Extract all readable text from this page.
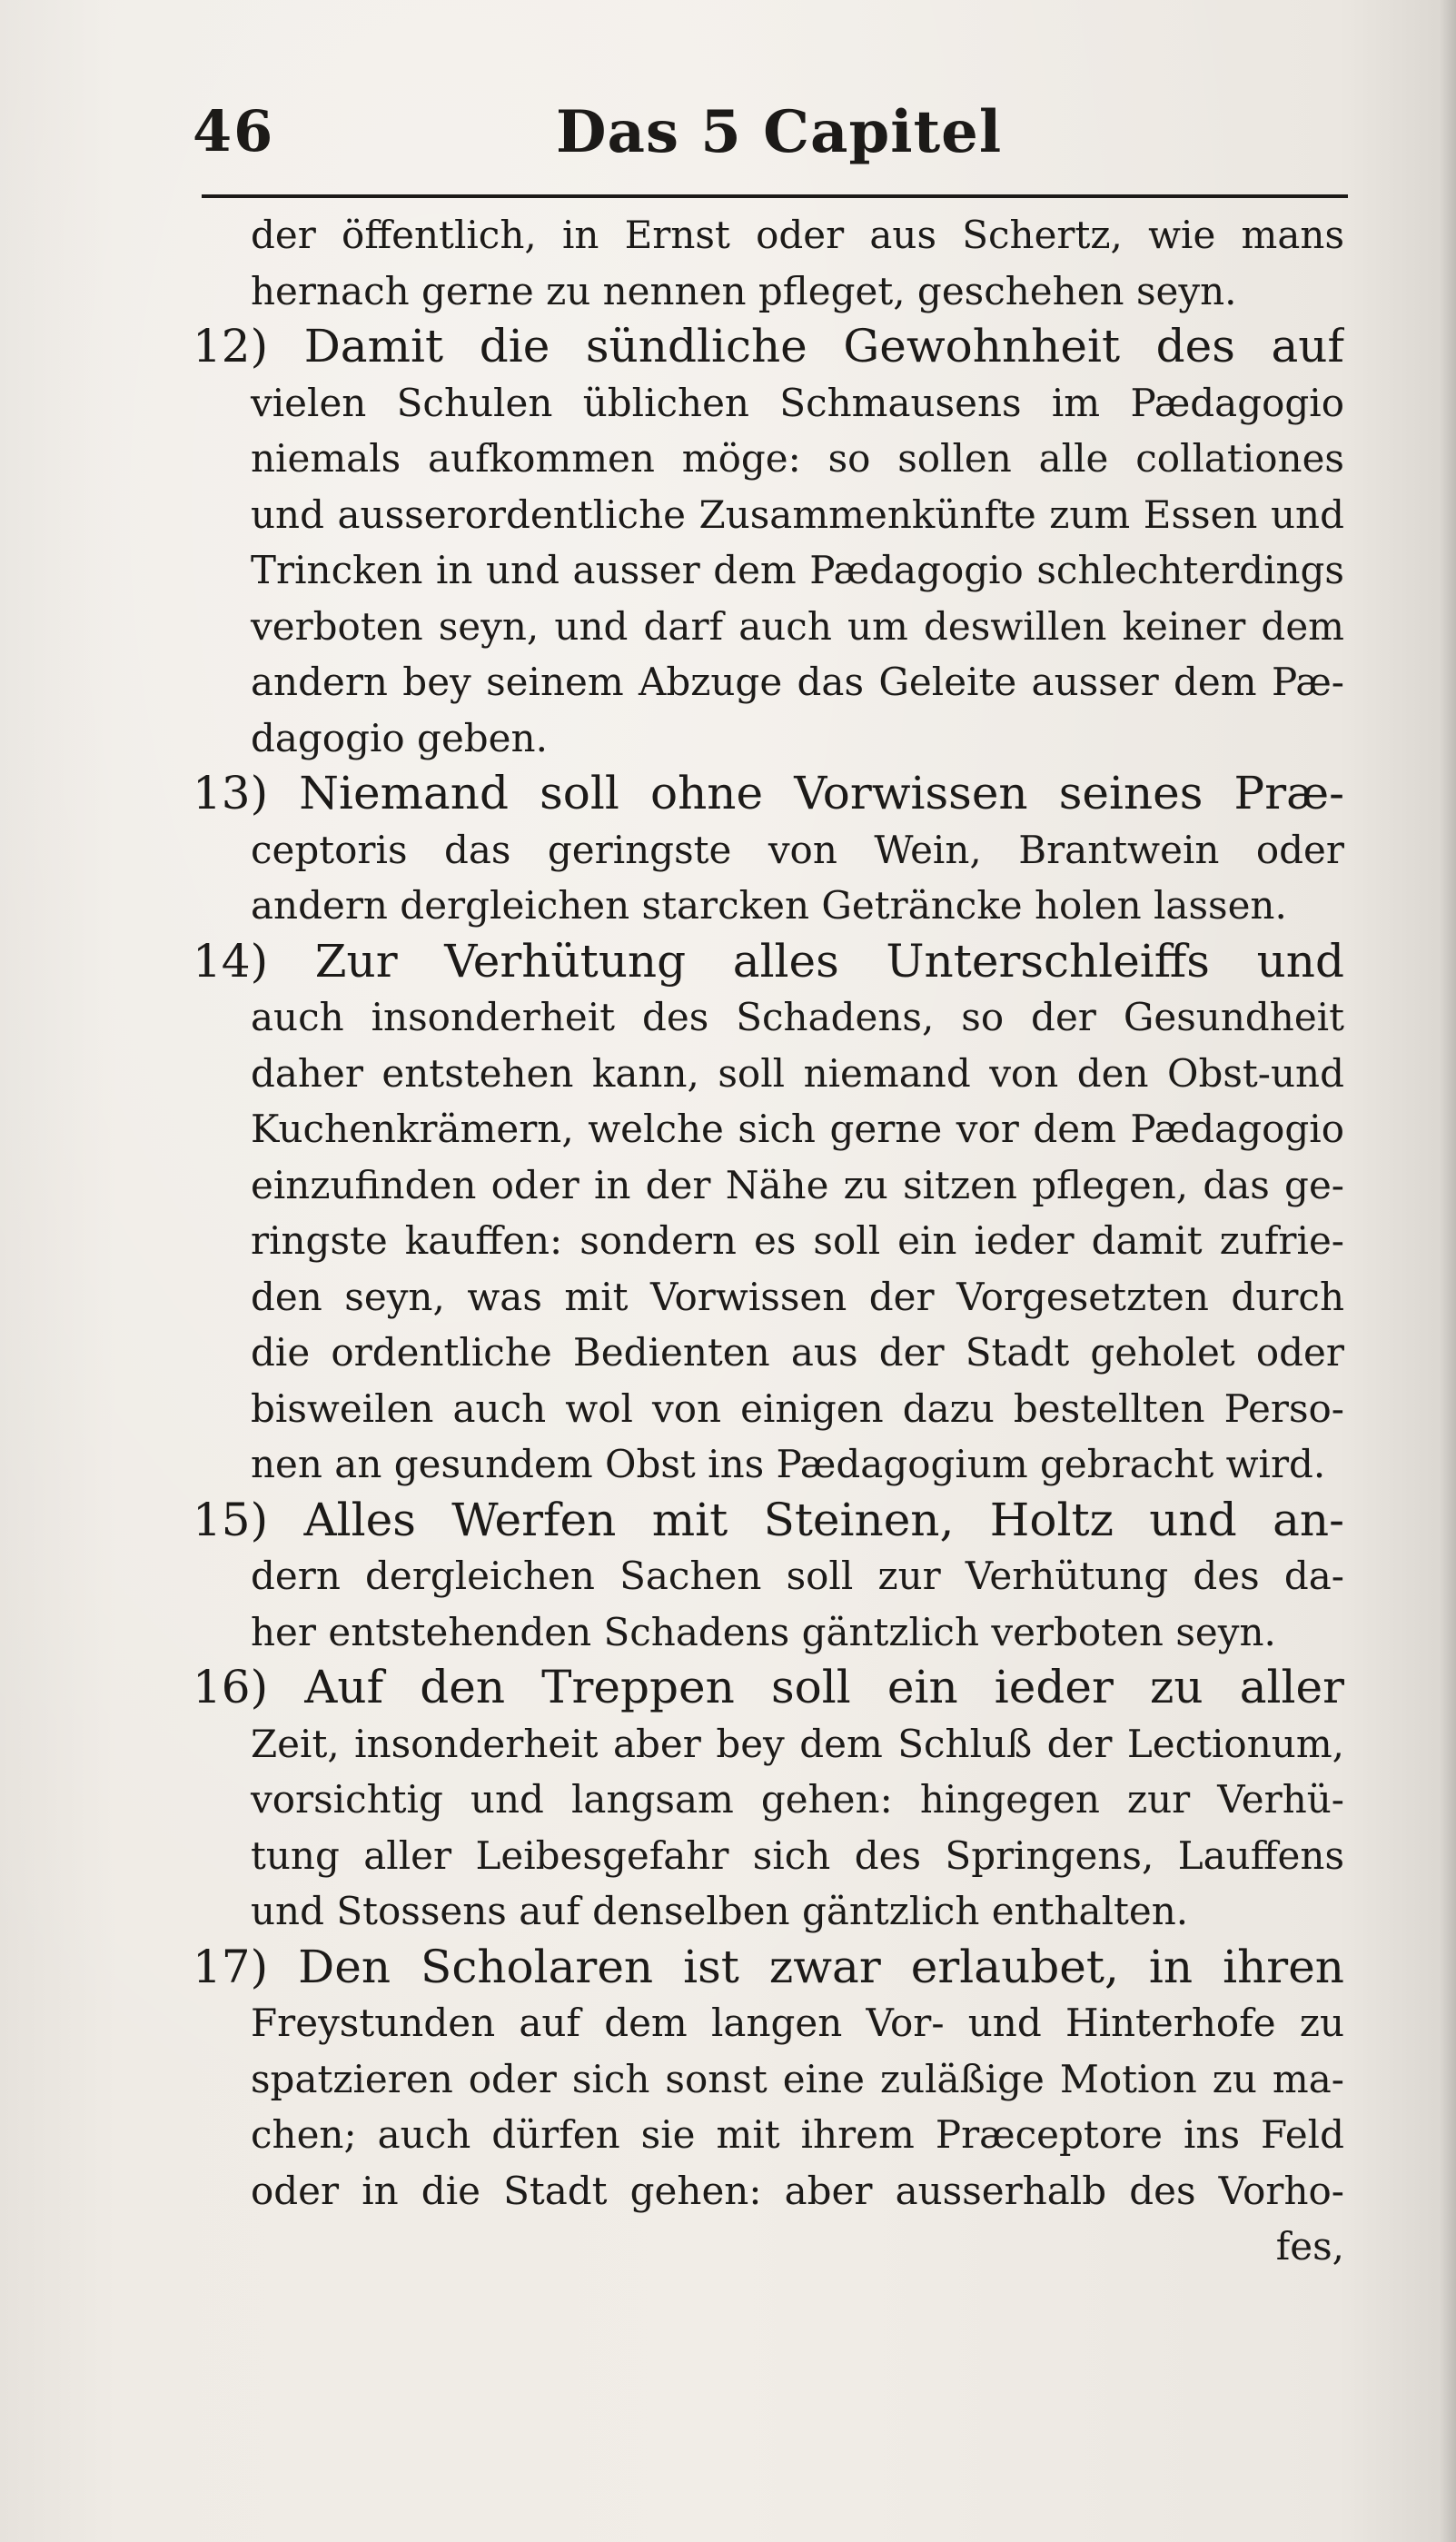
46	Das 5 Capitel
der öffentlich, in Ernst oder aus Schertz, wie mans
hernach gerne zu nennen pfleget, geschehen seyn.
12) Damit die sündliche Gewohnheit des auf
vielen Schulen üblichen Schmausens im Pædagogio
niemals aufkommen möge: so sollen alle collationes
und ausserordentliche Zusammenkünfte zum Essen und
Trincken in und ausser dem Pædagogio schlechterdings
verboten seyn, und darf auch um deswillen keiner dem
andern bey seinem Abzuge das Geleite ausser dem Pæ-
dagogio geben.
13) Niemand soll ohne Vorwissen seines Præ-
ceptoris das geringste von Wein, Brantwein oder
andern dergleichen starcken Geträncke holen lassen.
14) Zur Verhütung alles Unterschleiffs und
auch insonderheit des Schadens, so der Gesundheit
daher entstehen kann, soll niemand von den Obst-und
Kuchenkrämern, welche sich gerne vor dem Pædagogio
einzufinden oder in der Nähe zu sitzen pflegen, das ge-
ringste kauffen: sondern es soll ein ieder damit zufrie-
den seyn, was mit Vorwissen der Vorgesetzten durch
die ordentliche Bedienten aus der Stadt geholet oder
bisweilen auch wol von einigen dazu bestellten Perso-
nen an gesundem Obst ins Pædagogium gebracht wird.
15) Alles Werfen mit Steinen, Holtz und an-
dern dergleichen Sachen soll zur Verhütung des da-
her entstehenden Schadens gäntzlich verboten seyn.
16) Auf den Treppen soll ein ieder zu aller
Zeit, insonderheit aber bey dem Schluß der Lectionum,
vorsichtig und langsam gehen: hingegen zur Verhü-
tung aller Leibesgefahr sich des Springens, Lauffens
und Stossens auf denselben gäntzlich enthalten.
17) Den Scholaren ist zwar erlaubet, in ihren
Freystunden auf dem langen Vor- und Hinterhofe zu
spatzieren oder sich sonst eine zuläßige Motion zu ma-
chen; auch dürfen sie mit ihrem Præceptore ins Feld
oder in die Stadt gehen: aber ausserhalb des Vorho-
fes,
